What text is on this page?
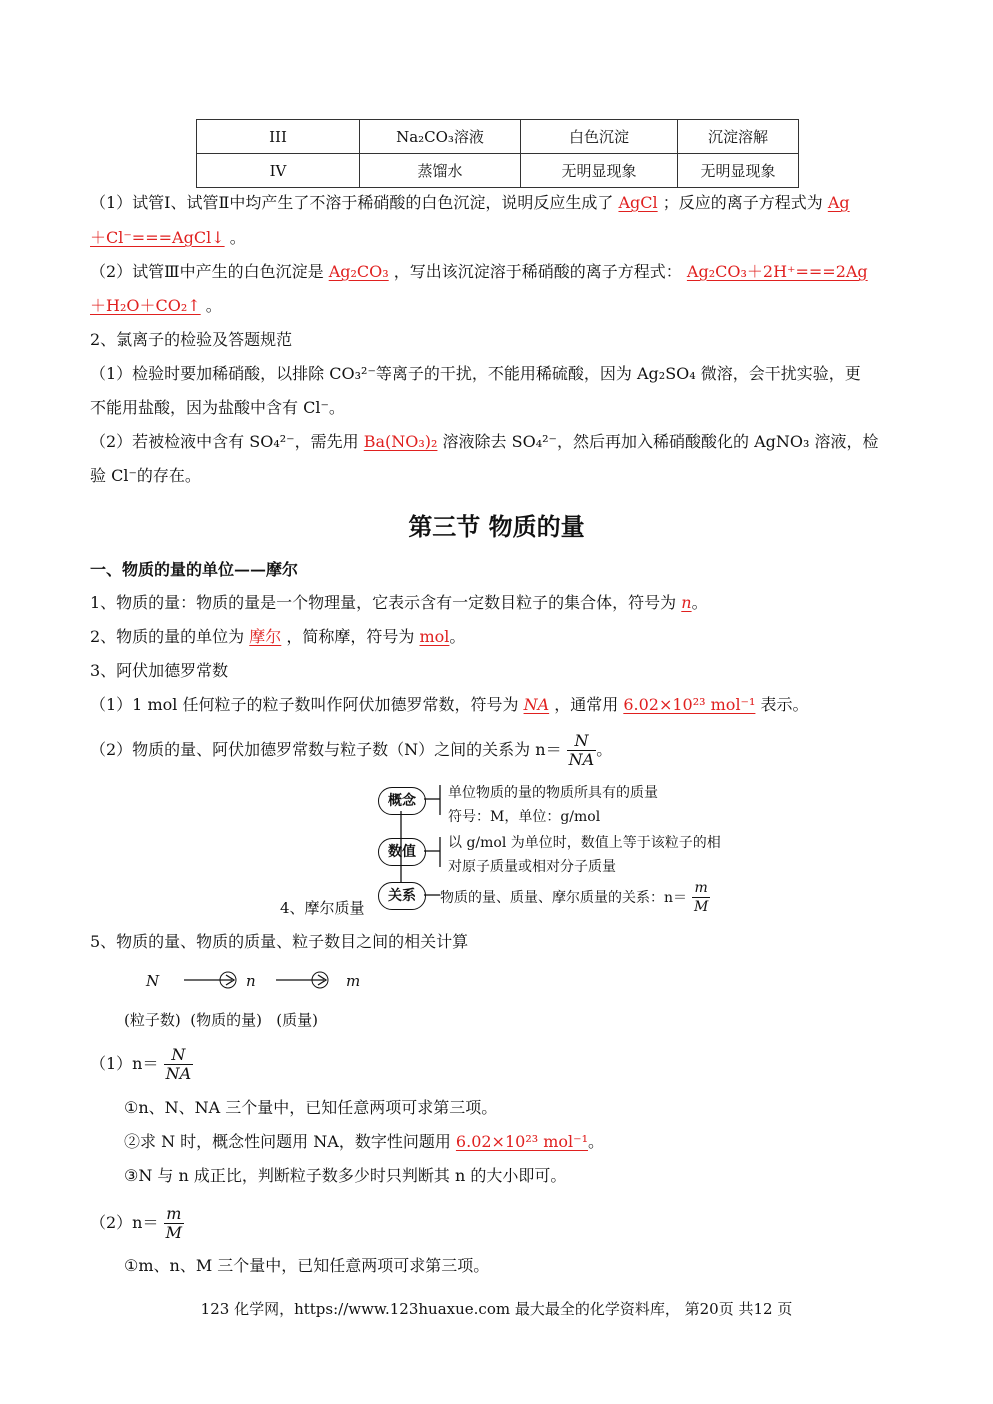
III	Na₂CO₃溶液	白色沉淀	沉淀溶解
IV	蒸馏水	无明显现象	无明显现象
（1）试管Ⅰ、试管Ⅱ中均产生了不溶于稀硝酸的白色沉淀，说明反应生成了 AgCl ；反应的离子方程式为 Ag
＋Cl⁻===AgCl↓ 。
（2）试管Ⅲ中产生的白色沉淀是 Ag₂CO₃ ，写出该沉淀溶于稀硝酸的离子方程式： Ag₂CO₃＋2H⁺===2Ag
＋H₂O＋CO₂↑ 。
2、氯离子的检验及答题规范
（1）检验时要加稀硝酸，以排除 CO₃²⁻等离子的干扰，不能用稀硫酸，因为 Ag₂SO₄ 微溶，会干扰实验，更
不能用盐酸，因为盐酸中含有 Cl⁻。
（2）若被检液中含有 SO₄²⁻，需先用 Ba(NO₃)₂ 溶液除去 SO₄²⁻，然后再加入稀硝酸酸化的 AgNO₃ 溶液，检
验 Cl⁻的存在。
第三节 物质的量
一、物质的量的单位——摩尔
1、物质的量：物质的量是一个物理量，它表示含有一定数目粒子的集合体，符号为 n。
2、物质的量的单位为 摩尔 ，简称摩，符号为 mol。
3、阿伏加德罗常数
（1）1 mol 任何粒子的粒子数叫作阿伏加德罗常数，符号为 NA ，通常用 6.02×10²³ mol⁻¹ 表示。
（2）物质的量、阿伏加德罗常数与粒子数（N）之间的关系为 $n= \frac{N}{NA}$ 。
概念
数值
关系
单位物质的量的物质所具有的质量
符号：M，单位：g/mol
以 g/mol 为单位时，数值上等于该粒子的相
对原子质量或相对分子质量
物质的量、质量、摩尔质量的关系：$n= \frac{m}{M}$
4、摩尔质量
5、物质的量、物质的质量、粒子数目之间的相关计算
N	n	m
(粒子数)  (物质的量)   (质量)
$(1)n= \frac{N}{NA}$
①n、N、NA 三个量中，已知任意两项可求第三项。
②求 N 时，概念性问题用 NA，数字性问题用 6.02×10²³ mol⁻¹。
③N 与 n 成正比，判断粒子数多少时只判断其 n 的大小即可。
$(2)n= \frac{m}{M}$
①m、n、M 三个量中，已知任意两项可求第三项。
123 化学网，https://www.123huaxue.com 最大最全的化学资料库， 第20页 共12 页
